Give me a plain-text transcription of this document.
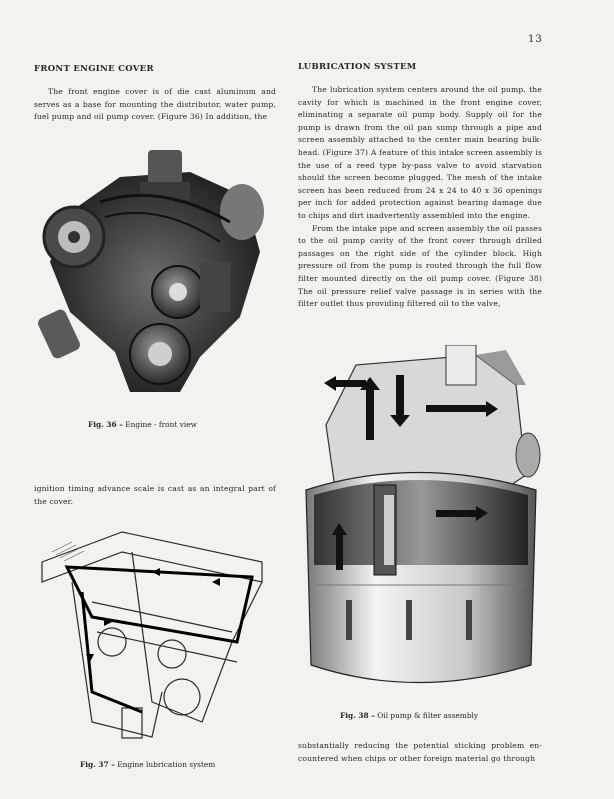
13
FRONT ENGINE COVER

The front engine cover is of die cast aluminum and serves as a base for mounting the distributor, water pump, fuel pump and oil pump cover. (Figure 36) In addition, the

Fig. 36 – Engine - front view

ignition timing advance scale is cast as an integral part of the cover.

Fig. 37 – Engine lubrication system
LUBRICATION SYSTEM

The lubrication system centers around the oil pump, the cavity for which is machined in the front engine cover, eliminating a separate oil pump body. Supply oil for the pump is drawn from the oil pan sump through a pipe and screen assembly attached to the center main bearing bulk-head. (Figure 37) A feature of this intake screen assembly is the use of a reed type by-pass valve to avoid starvation should the screen become plugged. The mesh of the intake screen has been reduced from 24 x 24 to 40 x 36 openings per inch for added protection against bearing damage due to chips and dirt inadvertently assembled into the engine.

From the intake pipe and screen assembly the oil passes to the oil pump cavity of the front cover through drilled passages on the right side of the cylinder block. High pressure oil from the pump is routed through the full flow filter mounted directly on the oil pump cover. (Figure 38) The oil pressure relief valve passage is in series with the filter outlet thus providing filtered oil to the valve,

Fig. 38 – Oil pump & filter assembly

substantially reducing the potential sticking problem en-countered when chips or other foreign material go through
